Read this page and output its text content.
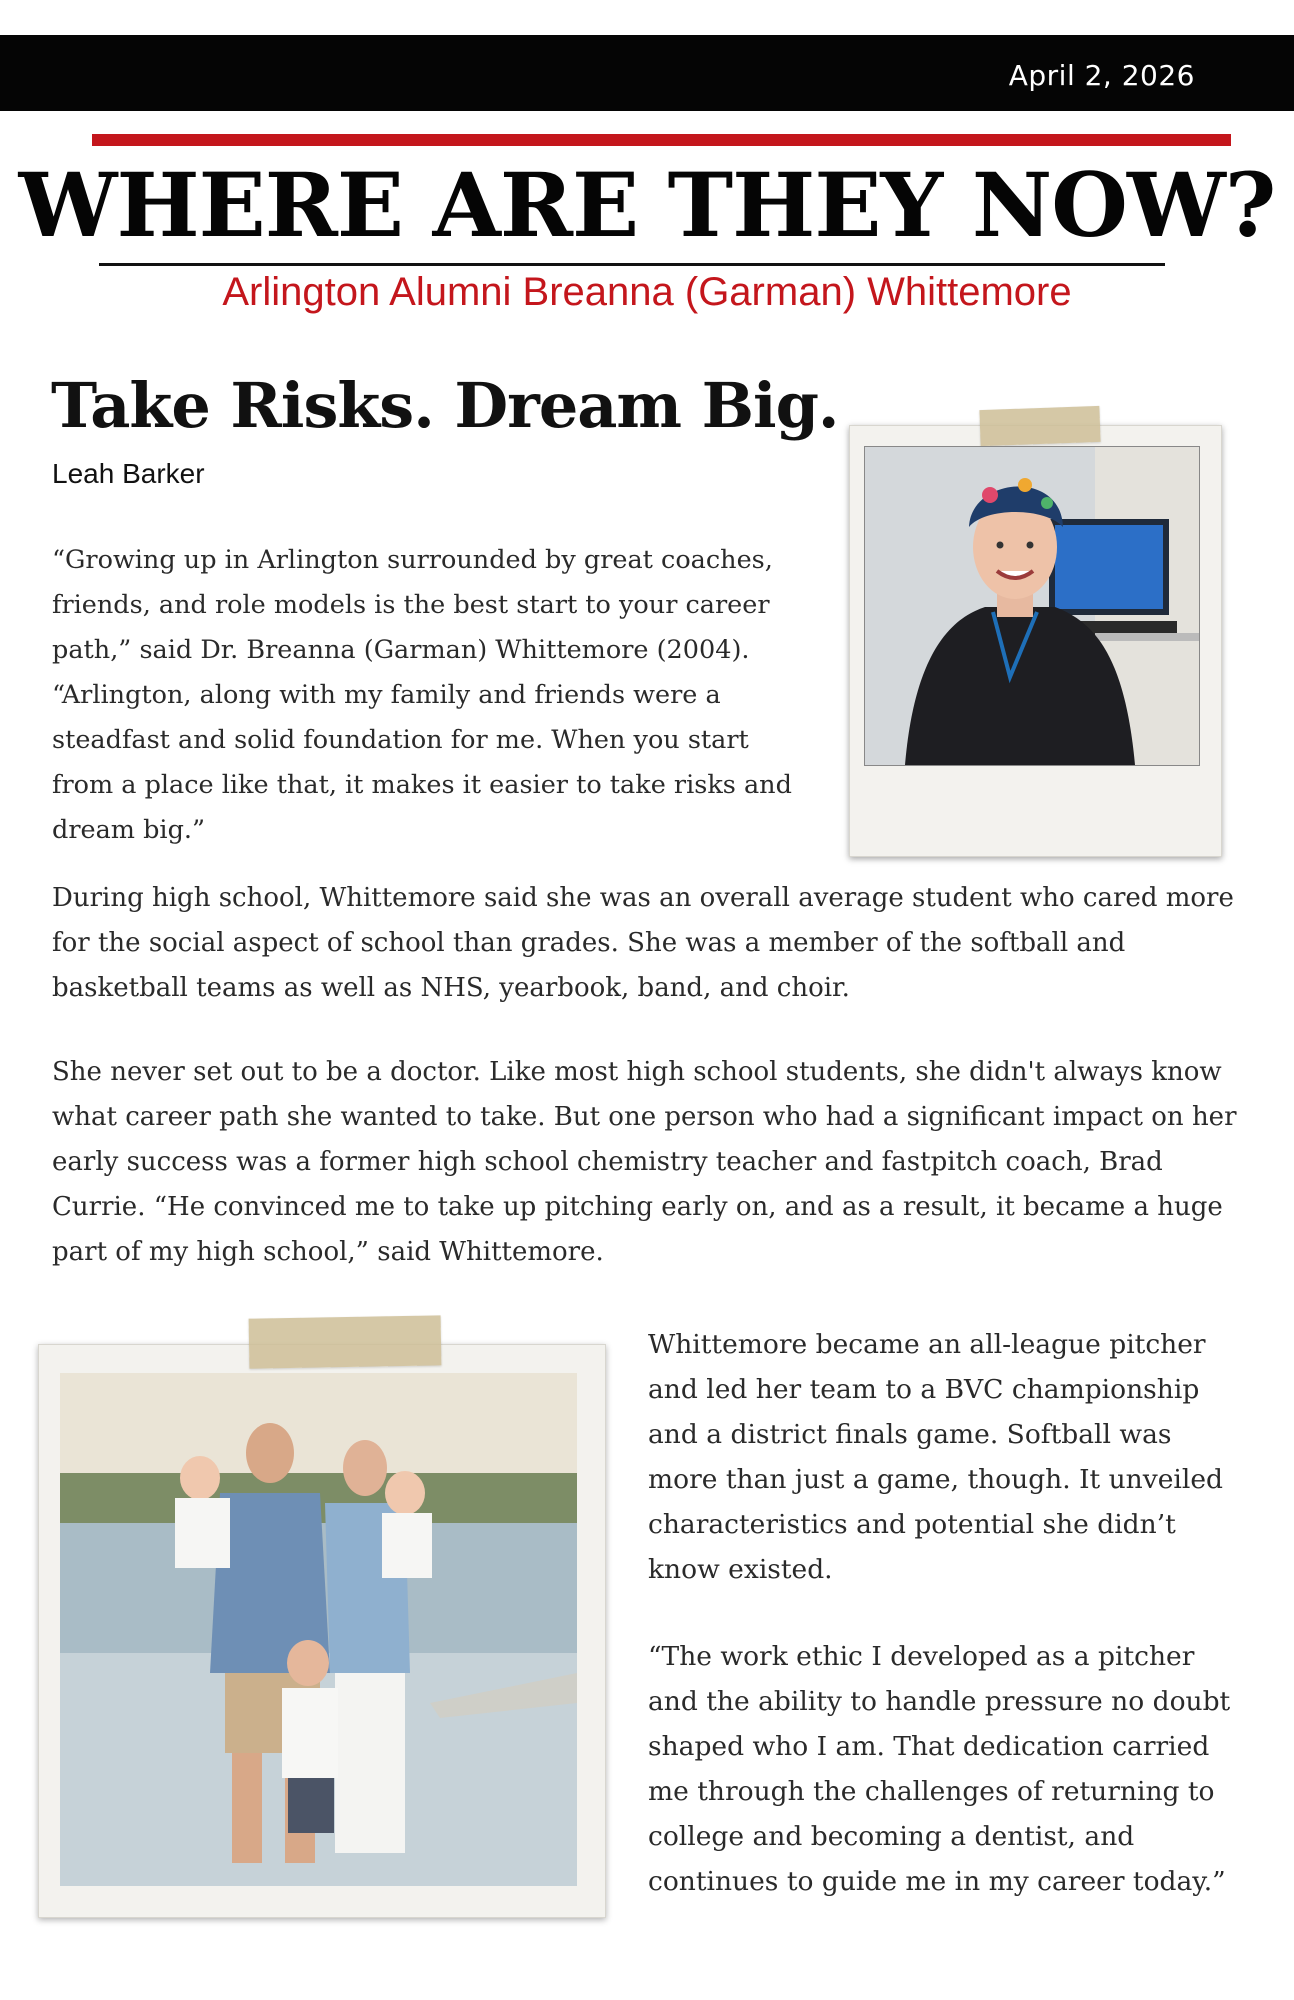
April 2, 2026
WHERE ARE THEY NOW?
Arlington Alumni Breanna (Garman) Whittemore
Take Risks. Dream Big.
Leah Barker

“Growing up in Arlington surrounded by great coaches, friends, and role models is the best start to your career path,” said Dr. Breanna (Garman) Whittemore (2004). “Arlington, along with my family and friends were a steadfast and solid foundation for me. When you start from a place like that, it makes it easier to take risks and dream big.”

During high school, Whittemore said she was an overall average student who cared more for the social aspect of school than grades. She was a member of the softball and basketball teams as well as NHS, yearbook, band, and choir.

She never set out to be a doctor. Like most high school students, she didn't always know what career path she wanted to take. But one person who had a significant impact on her early success was a former high school chemistry teacher and fastpitch coach, Brad Currie. “He convinced me to take up pitching early on, and as a result, it became a huge part of my high school,” said Whittemore.

Whittemore became an all-league pitcher and led her team to a BVC championship and a district finals game. Softball was more than just a game, though. It unveiled characteristics and potential she didn’t know existed.

“The work ethic I developed as a pitcher and the ability to handle pressure no doubt shaped who I am. That dedication carried me through the challenges of returning to college and becoming a dentist, and continues to guide me in my career today.”
